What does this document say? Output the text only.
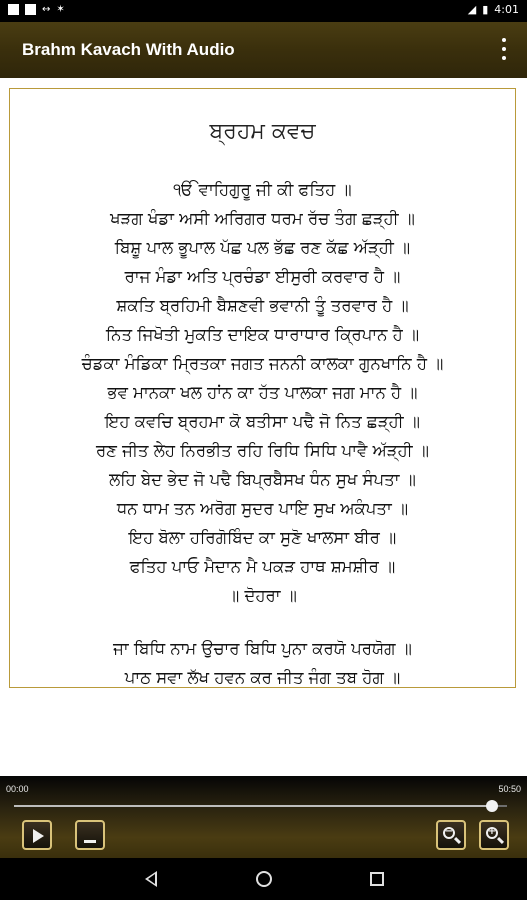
↔ ✶	◢ ▮ 4:01
Brahm Kavach With Audio
ਬ੍ਰਹਮ ਕਵਚ
ੴ ਵਾਹਿਗੁਰੂ ਜੀ ਕੀ ਫਤਿਹ ॥
ਖੜਗ ਖੰਡਾ ਅਸੀ ਅਰਿਗਰ ਧਰਮ ਰੱਚ ਤੰਗ ਛੜ੍ਹੀ ॥
ਬਿਸ਼ੂ ਪਾਲ ਭੂਪਾਲ ਪੱਛ ਪਲ ਭੱਛ ਰਣ ਕੱਛ ਅੱੜ੍ਹੀ ॥
ਰਾਜ ਮੰਡਾ ਅਤਿ ਪ੍ਰਚੰਡਾ ਈਸੁਰੀ ਕਰਵਾਰ ਹੈ ॥
ਸ਼ਕਤਿ ਬ੍ਰਹਿਮੀ ਬੈਸ਼ਣਵੀ ਭਵਾਨੀ ਤੂੰ ਤਰਵਾਰ ਹੈ ॥
ਨਿਤ ਜਿਖੋਤੀ ਮੁਕਤਿ ਦਾਇਕ ਧਾਰਾਧਾਰ ਕ੍ਰਿਪਾਨ ਹੈ ॥
ਚੰਡਕਾ ਮੰਡਿਕਾ ਮ੍ਰਿਤਕਾ ਜਗਤ ਜਨਨੀ ਕਾਲਕਾ ਗੁਨਖਾਨਿ ਹੈ ॥
ਭਵ ਮਾਨਕਾ ਖਲ ਹਾਂਨ ਕਾ ਹੱਤ ਪਾਲਕਾ ਜਗ ਮਾਨ ਹੈ ॥
ਇਹ ਕਵਚਿ ਬ੍ਰਹਮਾ ਕੋ ਬਤੀਸਾ ਪਢੈ ਜੋ ਨਿਤ ਛੜ੍ਹੀ ॥
ਰਣ ਜੀਤ ਲੇਹ ਨਿਰਭੀਤ ਰਹਿ ਰਿਧਿ ਸਿਧਿ ਪਾਵੈ ਅੱੜ੍ਹੀ ॥
ਲਹਿ ਬੇਦ ਭੇਦ ਜੋ ਪਢੈ ਬਿਪ੍ਰਬੈਸਖ ਧੰਨ ਸੁਖ ਸੰਪਤਾ ॥
ਧਨ ਧਾਮ ਤਨ ਅਰੋਗ ਸੁਦਰ ਪਾਇ ਸੁਖ ਅਕੰਪਤਾ ॥
ਇਹ ਬੋਲਾ ਹਰਿਗੋਬਿੰਦ ਕਾ ਸੁਣੋ ਖਾਲਸਾ ਬੀਰ ॥
ਫਤਿਹ ਪਾਓ ਮੈਦਾਨ ਮੈ ਪਕੜ ਹਾਥ ਸ਼ਮਸ਼ੀਰ ॥
॥ ਦੋਹਰਾ ॥
ਜਾ ਬਿਧਿ ਨਾਮ ਉਚਾਰ ਬਿਧਿ ਪੁਨਾ ਕਰਯੋ ਪਰਯੋਗ ॥
ਪਾਠ ਸਵਾ ਲੱਖ ਹਵਨ ਕਰ ਜੀਤ ਜੰਗ ਤਬ ਹੋਗ ॥
00:00	50:50
−	+
